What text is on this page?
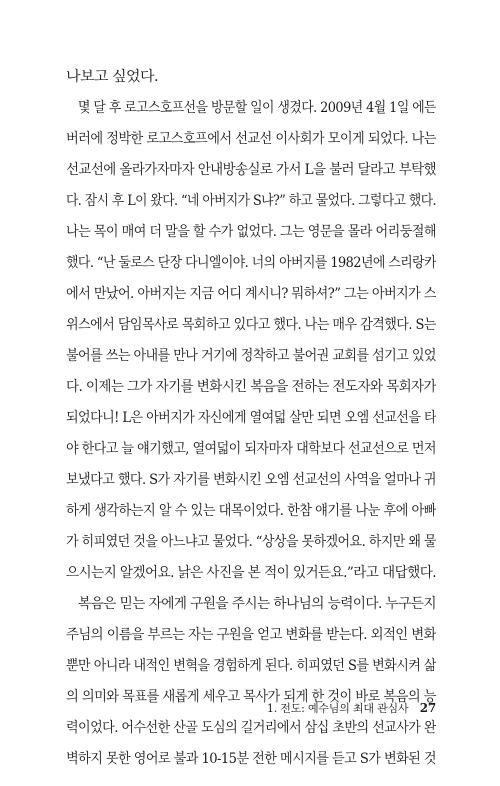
나보고 싶었다.
몇 달 후 로고스호프선을 방문할 일이 생겼다. 2009년 4월 1일 에든
버러에 정박한 로고스호프에서 선교선 이사회가 모이게 되었다. 나는
선교선에 올라가자마자 안내방송실로 가서 L을 불러 달라고 부탁했
다. 잠시 후 L이 왔다. “네 아버지가 S냐?” 하고 물었다. 그렇다고 했다.
나는 목이 매여 더 말을 할 수가 없었다. 그는 영문을 몰라 어리둥절해
했다. “난 둘로스 단장 다니엘이야. 너의 아버지를 1982년에 스리랑카
에서 만났어. 아버지는 지금 어디 계시니? 뭐하셔?” 그는 아버지가 스
위스에서 담임목사로 목회하고 있다고 했다. 나는 매우 감격했다. S는
불어를 쓰는 아내를 만나 거기에 정착하고 불어권 교회를 섬기고 있었
다. 이제는 그가 자기를 변화시킨 복음을 전하는 전도자와 목회자가
되었다니! L은 아버지가 자신에게 열여덟 살만 되면 오엠 선교선을 타
야 한다고 늘 얘기했고, 열여덟이 되자마자 대학보다 선교선으로 먼저
보냈다고 했다. S가 자기를 변화시킨 오엠 선교선의 사역을 얼마나 귀
하게 생각하는지 알 수 있는 대목이었다. 한참 얘기를 나눈 후에 아빠
가 히피였던 것을 아느냐고 물었다. “상상을 못하겠어요. 하지만 왜 물
으시는지 알겠어요. 낡은 사진을 본 적이 있거든요.”라고 대답했다.
복음은 믿는 자에게 구원을 주시는 하나님의 능력이다. 누구든지
주님의 이름을 부르는 자는 구원을 얻고 변화를 받는다. 외적인 변화
뿐만 아니라 내적인 변혁을 경험하게 된다. 히피였던 S를 변화시켜 삶
의 의미와 목표를 새롭게 세우고 목사가 되게 한 것이 바로 복음의 능
력이었다. 어수선한 산골 도심의 길거리에서 삼십 초반의 선교사가 완
벽하지 못한 영어로 불과 10-15분 전한 메시지를 듣고 S가 변화된 것
1. 전도: 예수님의 최대 관심사 27
